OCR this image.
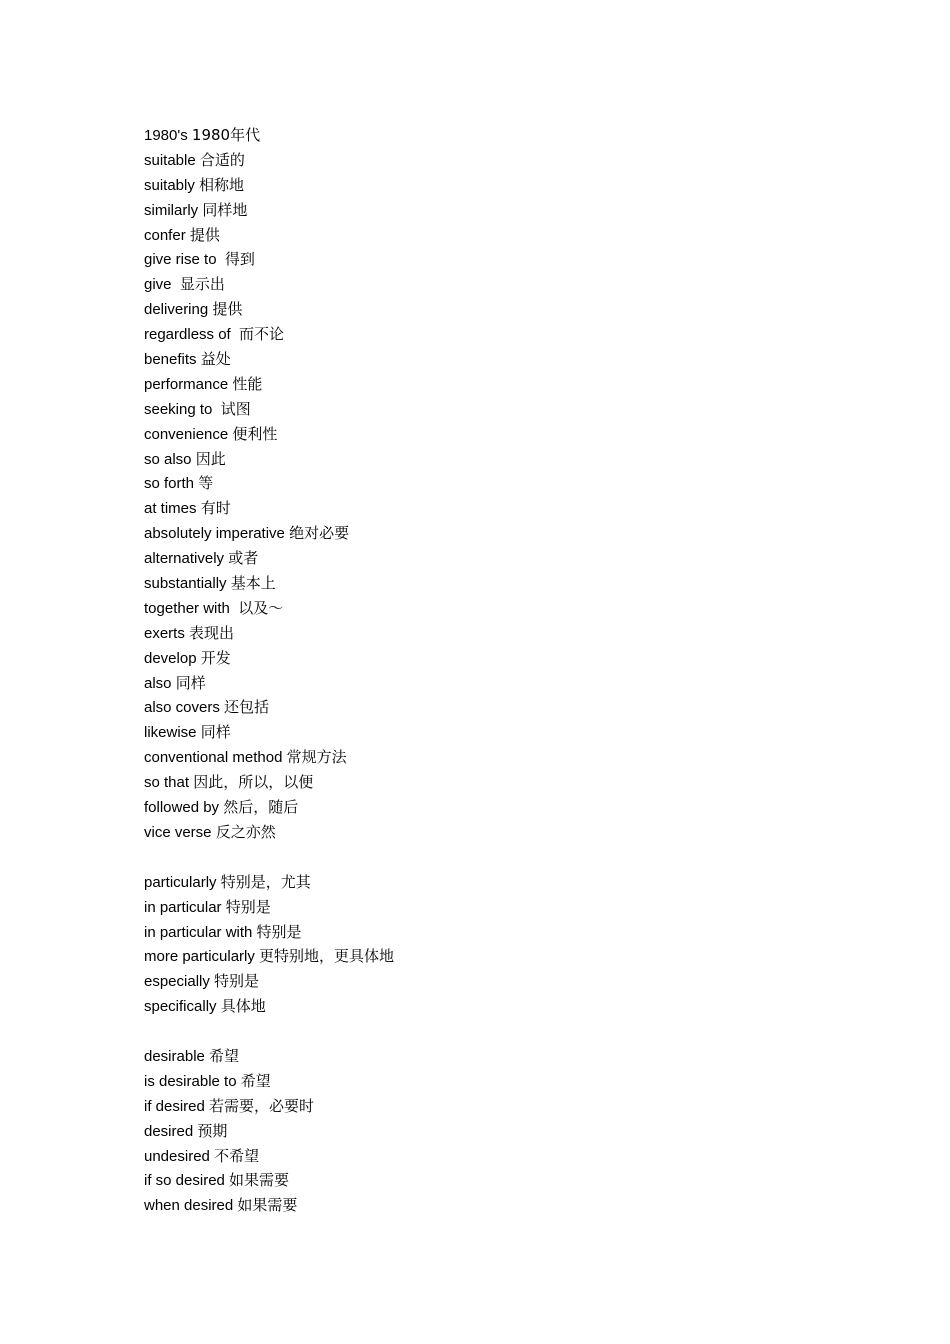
1980's 1980年代
suitable 合适的
suitably 相称地
similarly 同样地
confer 提供
give rise to  得到
give  显示出
delivering 提供
regardless of  而不论
benefits 益处
performance 性能
seeking to  试图
convenience 便利性
so also 因此
so forth 等
at times 有时
absolutely imperative 绝对必要
alternatively 或者
substantially 基本上
together with  以及～
exerts 表现出
develop 开发
also 同样
also covers 还包括
likewise 同样
conventional method 常规方法
so that 因此，所以，以便
followed by 然后，随后
vice verse 反之亦然
particularly 特别是，尤其
in particular 特别是
in particular with 特别是
more particularly 更特别地，更具体地
especially 特别是
specifically 具体地
desirable 希望
is desirable to 希望
if desired 若需要，必要时
desired 预期
undesired 不希望
if so desired 如果需要
when desired 如果需要
